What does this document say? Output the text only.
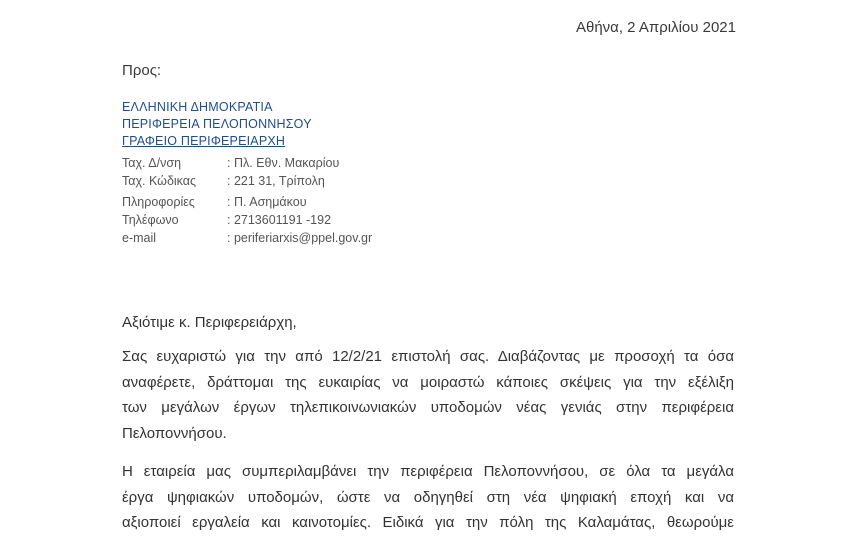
Αθήνα, 2 Απριλίου 2021
Προς:
ΕΛΛΗΝΙΚΗ ΔΗΜΟΚΡΑΤΙΑ
ΠΕΡΙΦΕΡΕΙΑ ΠΕΛΟΠΟΝΝΗΣΟΥ
ΓΡΑΦΕΙΟ ΠΕΡΙΦΕΡΕΙΑΡΧΗ
Ταχ. Δ/νση	: Πλ. Εθν. Μακαρίου
Ταχ. Κώδικας	: 221 31, Τρίπολη
Πληροφορίες	: Π. Ασημάκου
Τηλέφωνο	: 2713601191 -192
e-mail	: periferiarxis@ppel.gov.gr
Αξιότιμε κ. Περιφερειάρχη,
Σας ευχαριστώ για την από 12/2/21 επιστολή σας. Διαβάζοντας με προσοχή τα όσα
αναφέρετε, δράττομαι της ευκαιρίας να μοιραστώ κάποιες σκέψεις για την εξέλιξη
των μεγάλων έργων τηλεπικοινωνιακών υποδομών νέας γενιάς στην περιφέρεια
Πελοποννήσου.
Η εταιρεία μας συμπεριλαμβάνει την περιφέρεια Πελοποννήσου, σε όλα τα μεγάλα
έργα ψηφιακών υποδομών, ώστε να οδηγηθεί στη νέα ψηφιακή εποχή και να
αξιοποιεί εργαλεία και καινοτομίες. Ειδικά για την πόλη της Καλαμάτας, θεωρούμε
